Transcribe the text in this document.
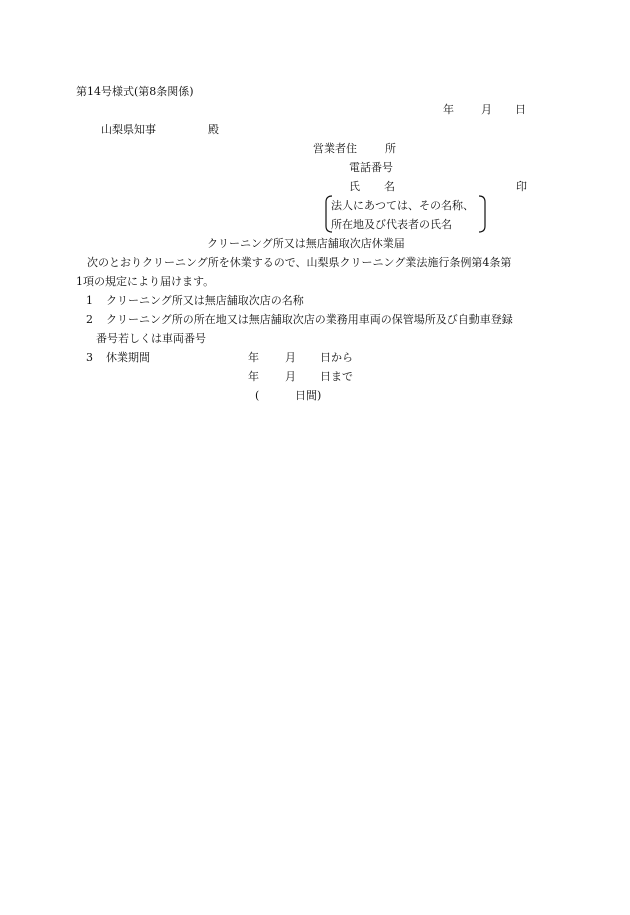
第14号様式(第8条関係)
年 月 日
山梨県知事	殿
営業者住	所
電話番号
氏 名	印
法人にあつては、その名称、
所在地及び代表者の氏名
クリーニング所又は無店舗取次店休業届
次のとおりクリーニング所を休業するので、山梨県クリーニング業法施行条例第4条第
1項の規定により届けます。
1 クリーニング所又は無店舗取次店の名称
2 クリーニング所の所在地又は無店舗取次店の業務用車両の保管場所及び自動車登録
番号若しくは車両番号
3 休業期間	年 月 日から
年 月 日まで
(	日間)
